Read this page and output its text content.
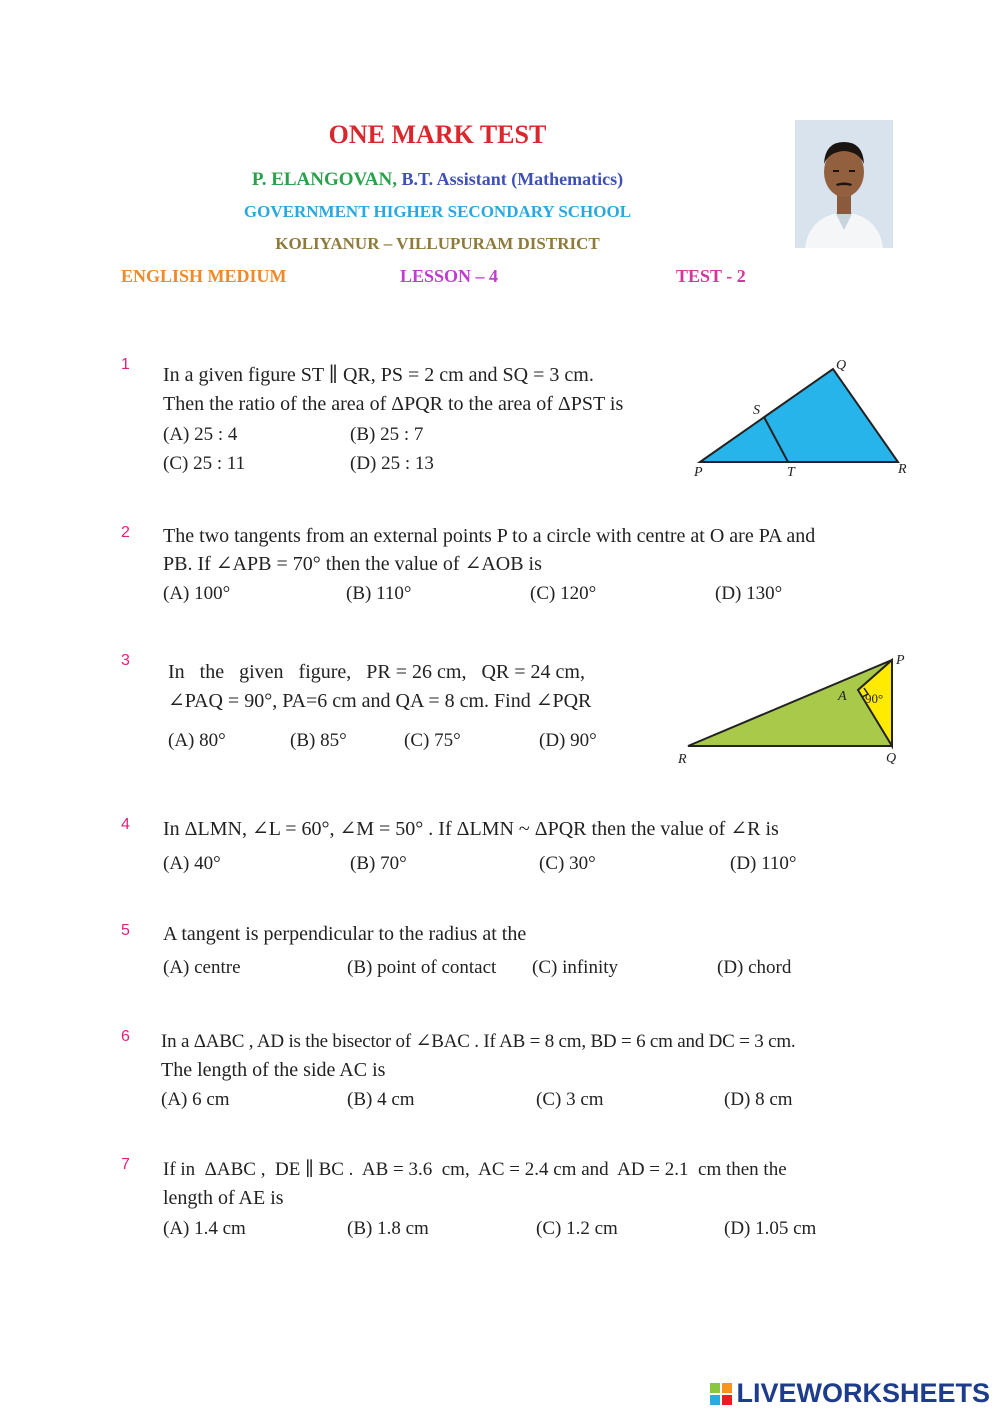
ONE MARK TEST
P. ELANGOVAN, B.T. Assistant (Mathematics)
GOVERNMENT HIGHER SECONDARY SCHOOL
KOLIYANUR – VILLUPURAM DISTRICT
ENGLISH MEDIUM	LESSON – 4	TEST - 2
1 In a given figure ST ∥ QR, PS = 2 cm and SQ = 3 cm.
Then the ratio of the area of ΔPQR to the area of ΔPST is
(A) 25 : 4	(B) 25 : 7
(C) 25 : 11	(D) 25 : 13
Q
S
P	T	R
2 The two tangents from an external points P to a circle with centre at O are PA and
PB. If ∠APB = 70° then the value of ∠AOB is
(A) 100°	(B) 110°	(C) 120°	(D) 130°
3
In   the   given   figure,   PR = 26 cm,   QR = 24 cm,
∠PAQ = 90°, PA=6 cm and QA = 8 cm. Find ∠PQR
(A) 80°	(B) 85°	(C) 75°	(D) 90°
P
A 90°
R	Q
4 In ΔLMN, ∠L = 60°, ∠M = 50° . If ΔLMN ~ ΔPQR then the value of ∠R is
(A) 40°	(B) 70°	(C) 30°	(D) 110°
5 A tangent is perpendicular to the radius at the
(A) centre	(B) point of contact (C) infinity	(D) chord
6 In a ΔABC , AD is the bisector of ∠BAC . If AB = 8 cm, BD = 6 cm and DC = 3 cm.
The length of the side AC is
(A) 6 cm	(B) 4 cm	(C) 3 cm	(D) 8 cm
7 If in  ΔABC ,  DE ∥ BC .  AB = 3.6  cm,  AC = 2.4 cm and  AD = 2.1  cm then the
length of AE is
(A) 1.4 cm	(B) 1.8 cm	(C) 1.2 cm	(D) 1.05 cm
LIVEWORKSHEETS
